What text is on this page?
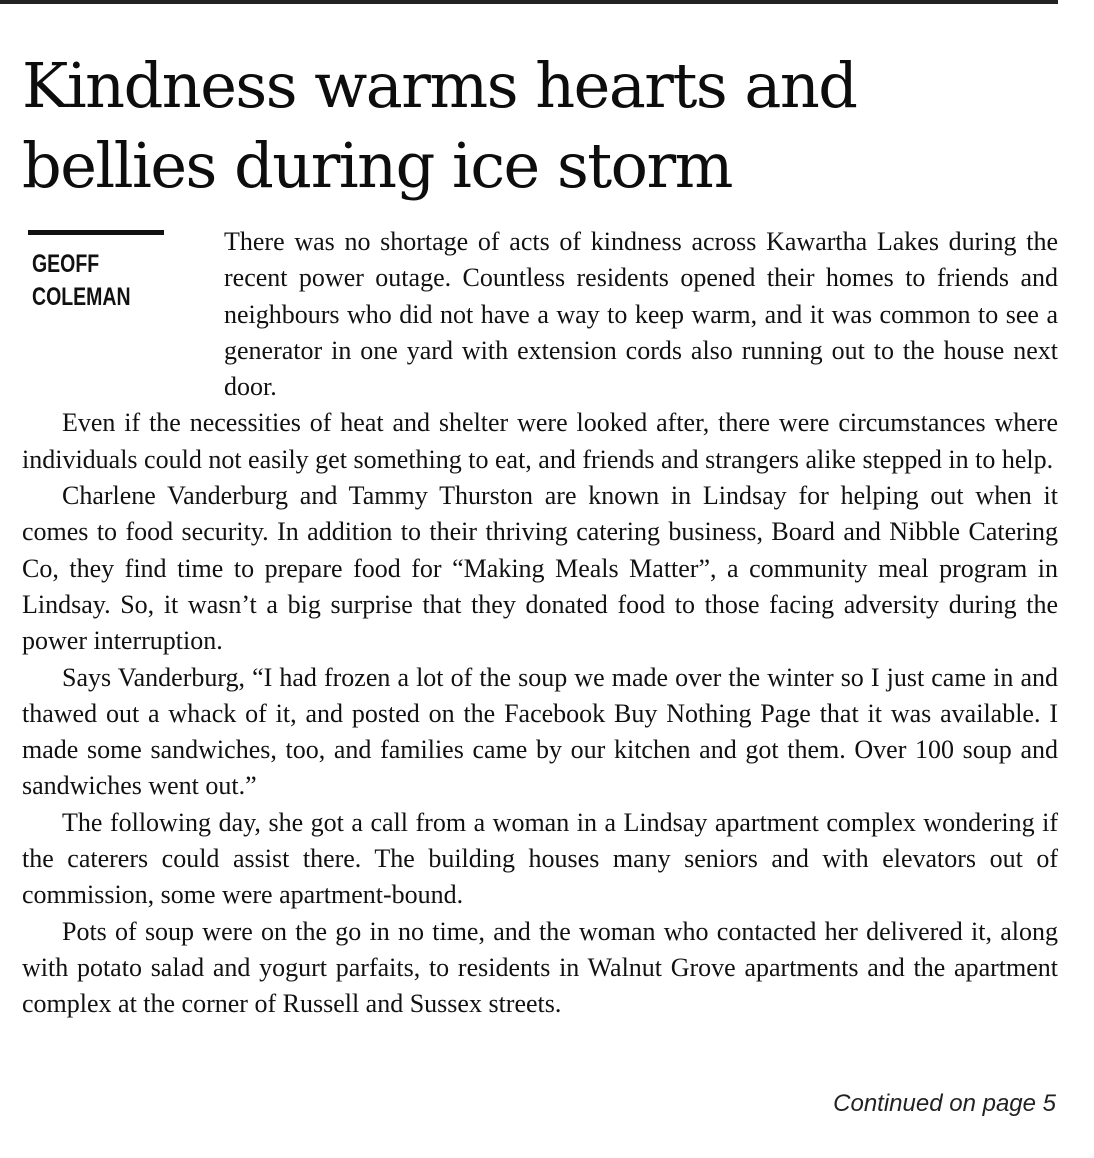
Kindness warms hearts and bellies during ice storm
GEOFF
COLEMAN

There was no shortage of acts of kindness across Kawartha Lakes during the recent power outage. Countless residents opened their homes to friends and neighbours who did not have a way to keep warm, and it was common to see a generator in one yard with extension cords also running out to the house next door.

Even if the necessities of heat and shelter were looked after, there were circumstances where individuals could not easily get something to eat, and friends and strangers alike stepped in to help.

Charlene Vanderburg and Tammy Thurston are known in Lindsay for helping out when it comes to food security. In addition to their thriving catering business, Board and Nibble Catering Co, they find time to prepare food for “Making Meals Matter”, a community meal program in Lindsay. So, it wasn’t a big surprise that they donated food to those facing adversity during the power interruption.

Says Vanderburg, “I had frozen a lot of the soup we made over the winter so I just came in and thawed out a whack of it, and posted on the Facebook Buy Nothing Page that it was available. I made some sandwiches, too, and families came by our kitchen and got them. Over 100 soup and sandwiches went out.”

The following day, she got a call from a woman in a Lindsay apartment complex wondering if the caterers could assist there. The building houses many seniors and with elevators out of commission, some were apartment-bound.

Pots of soup were on the go in no time, and the woman who contacted her delivered it, along with potato salad and yogurt parfaits, to residents in Walnut Grove apartments and the apartment complex at the corner of Russell and Sussex streets.

Continued on page 5
